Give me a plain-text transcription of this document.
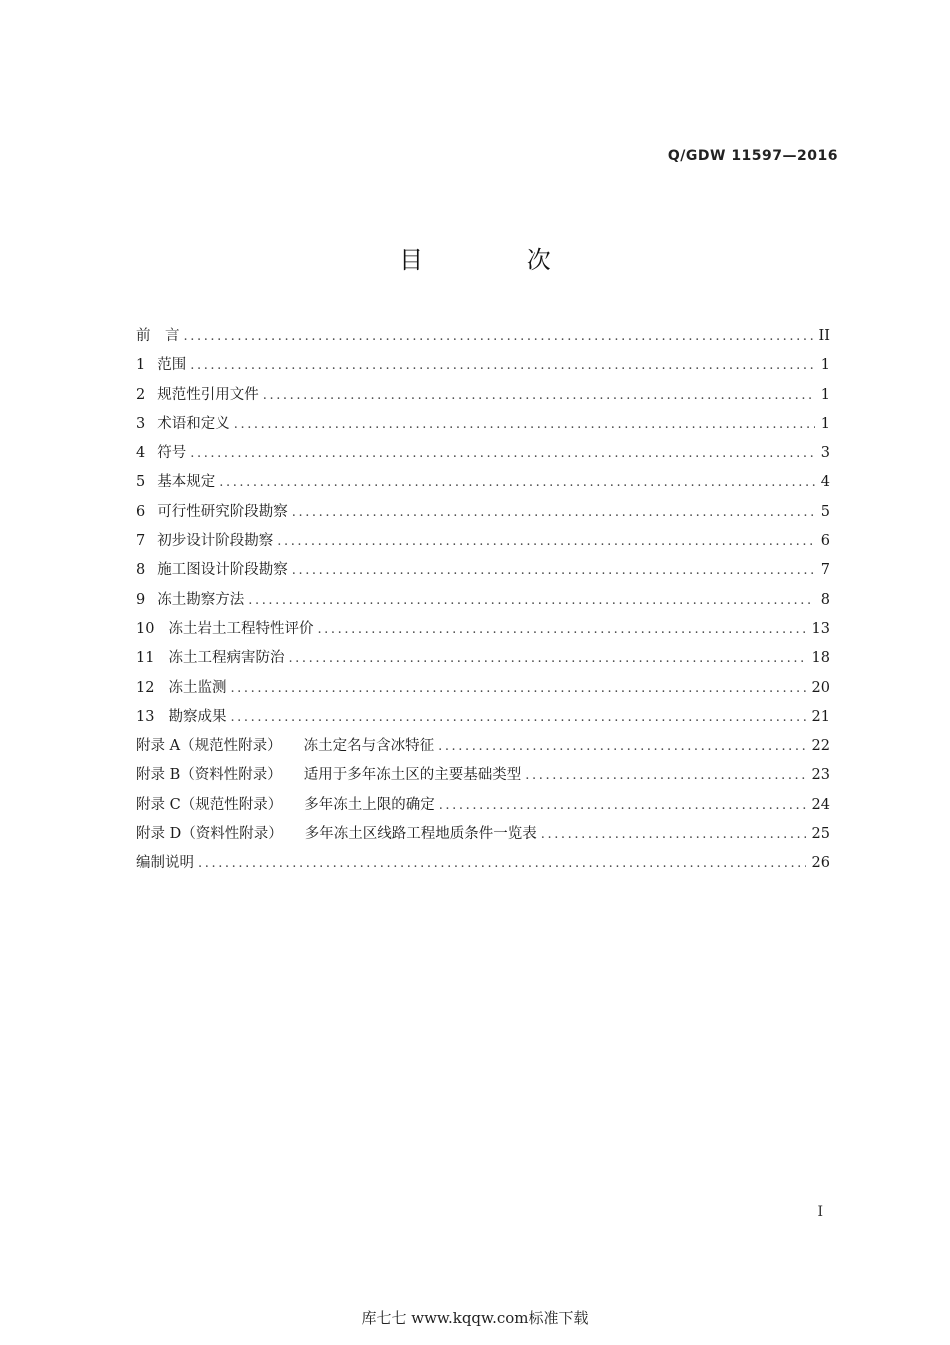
Q/GDW 11597—2016
目 次
前　言 .....	II
1 范围 .....	1
2 规范性引用文件 .....	1
3 术语和定义 .....	1
4 符号 .....	3
5 基本规定 .....	4
6 可行性研究阶段勘察 .....	5
7 初步设计阶段勘察 .....	6
8 施工图设计阶段勘察 .....	7
9 冻土勘察方法 .....	8
10 冻土岩土工程特性评价 .....	13
11 冻土工程病害防治 .....	18
12 冻土监测 .....	20
13 勘察成果 .....	21
附录 A（规范性附录） 冻土定名与含冰特征 .....	22
附录 B（资料性附录） 适用于多年冻土区的主要基础类型 .....	23
附录 C（规范性附录） 多年冻土上限的确定 .....	24
附录 D（资料性附录） 多年冻土区线路工程地质条件一览表 .....	25
编制说明 .....	26
I
库七七 www.kqqw.com标准下载
